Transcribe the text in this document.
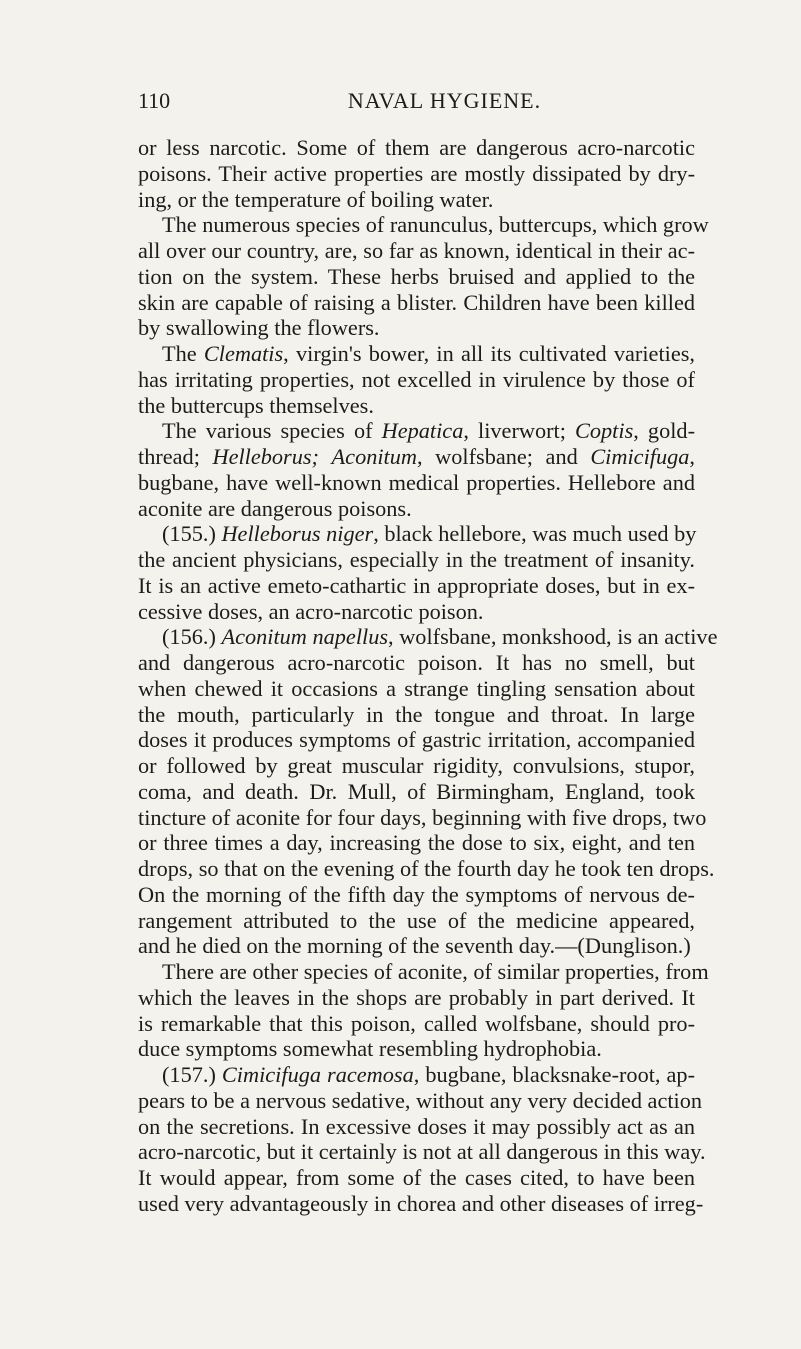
110	NAVAL HYGIENE.
or less narcotic. Some of them are dangerous acro-narcotic
poisons. Their active properties are mostly dissipated by dry-
ing, or the temperature of boiling water.
The numerous species of ranunculus, buttercups, which grow
all over our country, are, so far as known, identical in their ac-
tion on the system. These herbs bruised and applied to the
skin are capable of raising a blister. Children have been killed
by swallowing the flowers.
The Clematis, virgin's bower, in all its cultivated varieties,
has irritating properties, not excelled in virulence by those of
the buttercups themselves.
The various species of Hepatica, liverwort; Coptis, gold-
thread; Helleborus; Aconitum, wolfsbane; and Cimicifuga,
bugbane, have well-known medical properties. Hellebore and
aconite are dangerous poisons.
(155.) Helleborus niger, black hellebore, was much used by
the ancient physicians, especially in the treatment of insanity.
It is an active emeto-cathartic in appropriate doses, but in ex-
cessive doses, an acro-narcotic poison.
(156.) Aconitum napellus, wolfsbane, monkshood, is an active
and dangerous acro-narcotic poison. It has no smell, but
when chewed it occasions a strange tingling sensation about
the mouth, particularly in the tongue and throat. In large
doses it produces symptoms of gastric irritation, accompanied
or followed by great muscular rigidity, convulsions, stupor,
coma, and death. Dr. Mull, of Birmingham, England, took
tincture of aconite for four days, beginning with five drops, two
or three times a day, increasing the dose to six, eight, and ten
drops, so that on the evening of the fourth day he took ten drops.
On the morning of the fifth day the symptoms of nervous de-
rangement attributed to the use of the medicine appeared,
and he died on the morning of the seventh day.—(Dunglison.)
There are other species of aconite, of similar properties, from
which the leaves in the shops are probably in part derived. It
is remarkable that this poison, called wolfsbane, should pro-
duce symptoms somewhat resembling hydrophobia.
(157.) Cimicifuga racemosa, bugbane, blacksnake-root, ap-
pears to be a nervous sedative, without any very decided action
on the secretions. In excessive doses it may possibly act as an
acro-narcotic, but it certainly is not at all dangerous in this way.
It would appear, from some of the cases cited, to have been
used very advantageously in chorea and other diseases of irreg-
